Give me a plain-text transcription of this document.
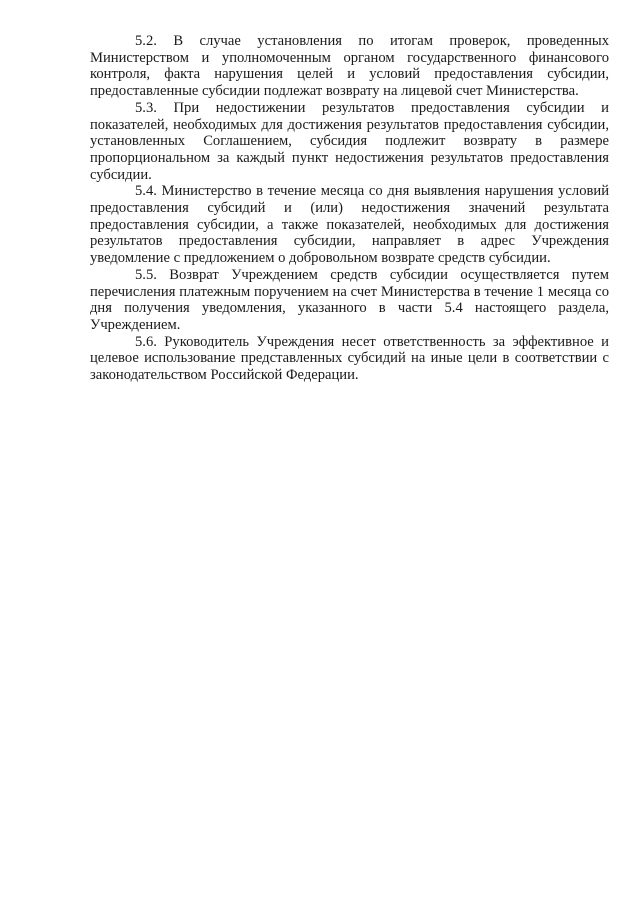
5.2. В случае установления по итогам проверок, проведенных Министерством и уполномоченным органом государственного финансового контроля, факта нарушения целей и условий предоставления субсидии, предоставленные субсидии подлежат возврату на лицевой счет Министерства.

5.3. При недостижении результатов предоставления субсидии и показателей, необходимых для достижения результатов предоставления субсидии, установленных Соглашением, субсидия подлежит возврату в размере пропорциональном за каждый пункт недостижения результатов предоставления субсидии.

5.4. Министерство в течение месяца со дня выявления нарушения условий предоставления субсидий и (или) недостижения значений результата предоставления субсидии, а также показателей, необходимых для достижения результатов предоставления субсидии, направляет в адрес Учреждения уведомление с предложением о добровольном возврате средств субсидии.

5.5. Возврат Учреждением средств субсидии осуществляется путем перечисления платежным поручением на счет Министерства в течение 1 месяца со дня получения уведомления, указанного в части 5.4 настоящего раздела, Учреждением.

5.6. Руководитель Учреждения несет ответственность за эффективное и целевое использование представленных субсидий на иные цели в соответствии с законодательством Российской Федерации.
